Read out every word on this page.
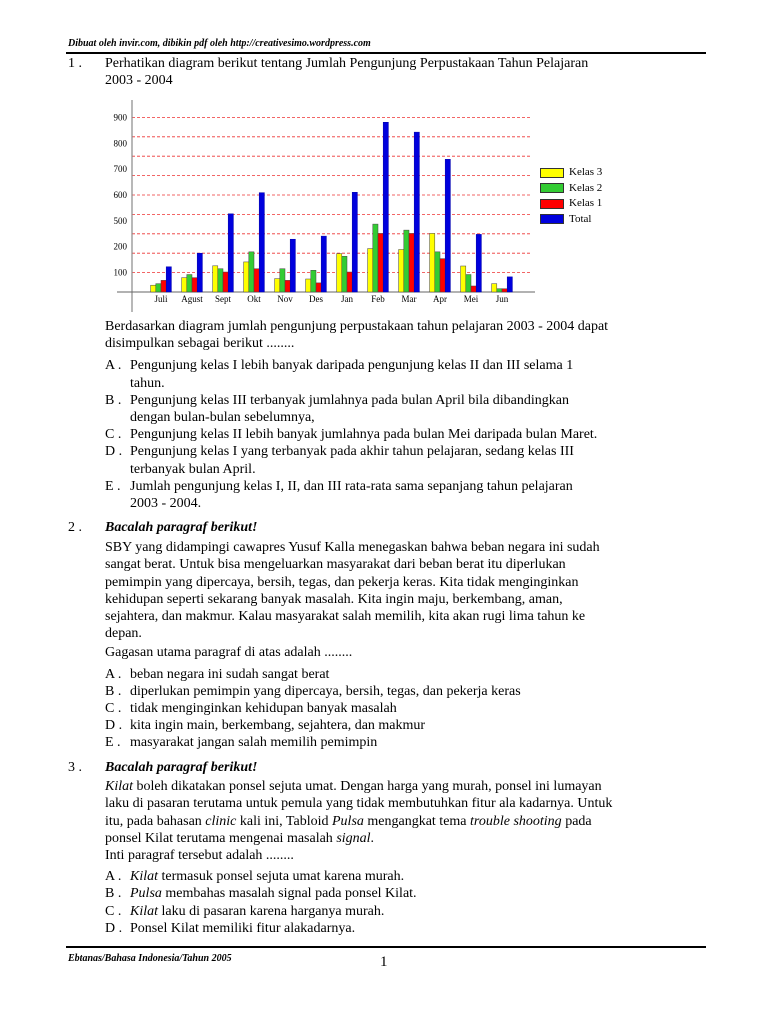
Dibuat oleh invir.com, dibikin pdf oleh http://creativesimo.wordpress.com
1 . Perhatikan diagram berikut tentang Jumlah Pengunjung Perpustakaan Tahun Pelajaran
2003 - 2004
900
800
700
600
500
200
100
Juli Agust Sept Okt Nov Des Jan Feb Mar Apr Mei Jun
Kelas 3
Kelas 2
Kelas 1
Total
Berdasarkan diagram jumlah pengunjung perpustakaan tahun pelajaran 2003 - 2004 dapat
disimpulkan sebagai berikut ........
A . Pengunjung kelas I lebih banyak daripada pengunjung kelas II dan III selama 1
tahun.
B . Pengunjung kelas III terbanyak jumlahnya pada bulan April bila dibandingkan
dengan bulan-bulan sebelumnya,
C . Pengunjung kelas II lebih banyak jumlahnya pada bulan Mei daripada bulan Maret.
D . Pengunjung kelas I yang terbanyak pada akhir tahun pelajaran, sedang kelas III
terbanyak bulan April.
E . Jumlah pengunjung kelas I, II, dan III rata-rata sama sepanjang tahun pelajaran
2003 - 2004.
2 . Bacalah paragraf berikut!
SBY yang didampingi cawapres Yusuf Kalla menegaskan bahwa beban negara ini sudah
sangat berat. Untuk bisa mengeluarkan masyarakat dari beban berat itu diperlukan
pemimpin yang dipercaya, bersih, tegas, dan pekerja keras. Kita tidak menginginkan
kehidupan seperti sekarang banyak masalah. Kita ingin maju, berkembang, aman,
sejahtera, dan makmur. Kalau masyarakat salah memilih, kita akan rugi lima tahun ke
depan.
Gagasan utama paragraf di atas adalah ........
A . beban negara ini sudah sangat berat
B . diperlukan pemimpin yang dipercaya, bersih, tegas, dan pekerja keras
C . tidak menginginkan kehidupan banyak masalah
D . kita ingin main, berkembang, sejahtera, dan makmur
E . masyarakat jangan salah memilih pemimpin
3 . Bacalah paragraf berikut!
Kilat boleh dikatakan ponsel sejuta umat. Dengan harga yang murah, ponsel ini lumayan
laku di pasaran terutama untuk pemula yang tidak membutuhkan fitur ala kadarnya. Untuk
itu, pada bahasan clinic kali ini, Tabloid Pulsa mengangkat tema trouble shooting pada
ponsel Kilat terutama mengenai masalah signal.
Inti paragraf tersebut adalah ........
A . Kilat termasuk ponsel sejuta umat karena murah.
B . Pulsa membahas masalah signal pada ponsel Kilat.
C . Kilat laku di pasaran karena harganya murah.
D . Ponsel Kilat memiliki fitur alakadarnya.
Ebtanas/Bahasa Indonesia/Tahun 2005	1
